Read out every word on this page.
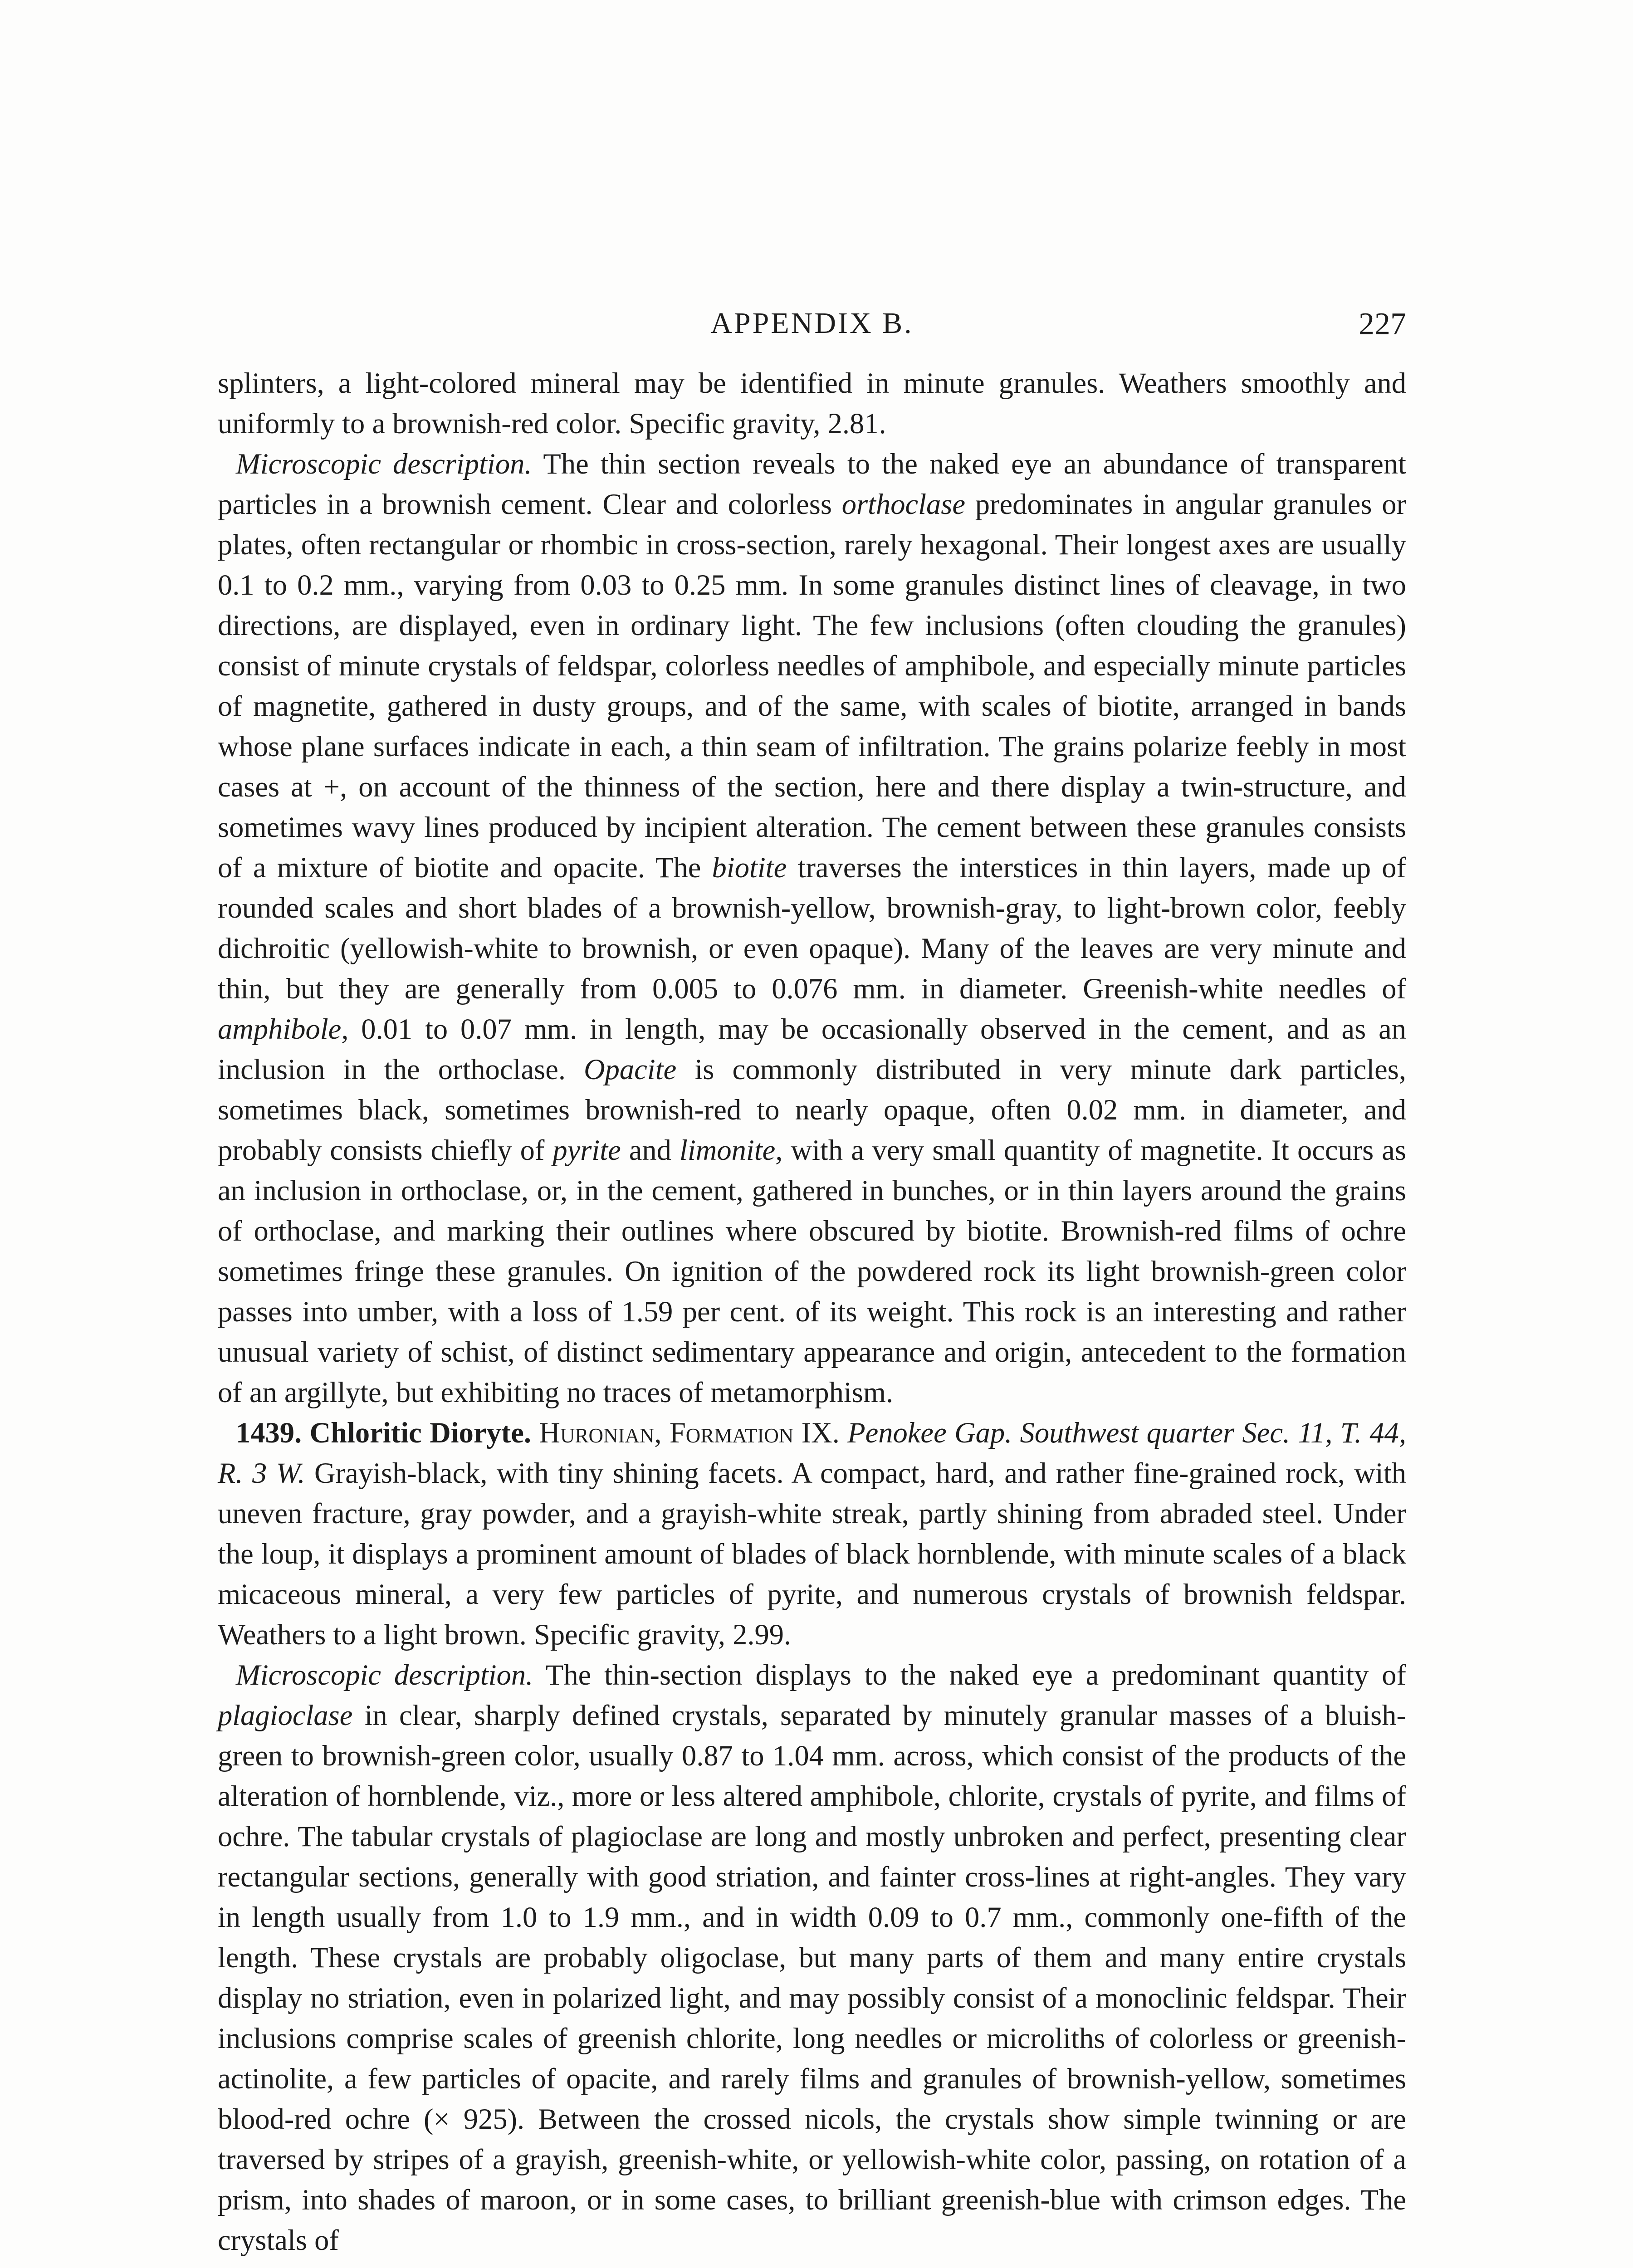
APPENDIX B.	227

splinters, a light-colored mineral may be identified in minute granules. Weathers smoothly and uniformly to a brownish-red color. Specific gravity, 2.81.

Microscopic description. The thin section reveals to the naked eye an abundance of transparent particles in a brownish cement. Clear and colorless orthoclase predominates in angular granules or plates, often rectangular or rhombic in cross-section, rarely hexagonal. Their longest axes are usually 0.1 to 0.2 mm., varying from 0.03 to 0.25 mm. In some granules distinct lines of cleavage, in two directions, are displayed, even in ordinary light. The few inclusions (often clouding the granules) consist of minute crystals of feldspar, colorless needles of amphibole, and especially minute particles of magnetite, gathered in dusty groups, and of the same, with scales of biotite, arranged in bands whose plane surfaces indicate in each, a thin seam of infiltration. The grains polarize feebly in most cases at +, on account of the thinness of the section, here and there display a twin-structure, and sometimes wavy lines produced by incipient alteration. The cement between these granules consists of a mixture of biotite and opacite. The biotite traverses the interstices in thin layers, made up of rounded scales and short blades of a brownish-yellow, brownish-gray, to light-brown color, feebly dichroitic (yellowish-white to brownish, or even opaque). Many of the leaves are very minute and thin, but they are generally from 0.005 to 0.076 mm. in diameter. Greenish-white needles of amphibole, 0.01 to 0.07 mm. in length, may be occasionally observed in the cement, and as an inclusion in the orthoclase. Opacite is commonly distributed in very minute dark particles, sometimes black, sometimes brownish-red to nearly opaque, often 0.02 mm. in diameter, and probably consists chiefly of pyrite and limonite, with a very small quantity of magnetite. It occurs as an inclusion in orthoclase, or, in the cement, gathered in bunches, or in thin layers around the grains of orthoclase, and marking their outlines where obscured by biotite. Brownish-red films of ochre sometimes fringe these granules. On ignition of the powdered rock its light brownish-green color passes into umber, with a loss of 1.59 per cent. of its weight. This rock is an interesting and rather unusual variety of schist, of distinct sedimentary appearance and origin, antecedent to the formation of an argillyte, but exhibiting no traces of metamorphism.

1439. Chloritic Dioryte. Huronian, Formation IX. Penokee Gap. Southwest quarter Sec. 11, T. 44, R. 3 W. Grayish-black, with tiny shining facets. A compact, hard, and rather fine-grained rock, with uneven fracture, gray powder, and a grayish-white streak, partly shining from abraded steel. Under the loup, it displays a prominent amount of blades of black hornblende, with minute scales of a black micaceous mineral, a very few particles of pyrite, and numerous crystals of brownish feldspar. Weathers to a light brown. Specific gravity, 2.99.

Microscopic description. The thin-section displays to the naked eye a predominant quantity of plagioclase in clear, sharply defined crystals, separated by minutely granular masses of a bluish-green to brownish-green color, usually 0.87 to 1.04 mm. across, which consist of the products of the alteration of hornblende, viz., more or less altered amphibole, chlorite, crystals of pyrite, and films of ochre. The tabular crystals of plagioclase are long and mostly unbroken and perfect, presenting clear rectangular sections, generally with good striation, and fainter cross-lines at right-angles. They vary in length usually from 1.0 to 1.9 mm., and in width 0.09 to 0.7 mm., commonly one-fifth of the length. These crystals are probably oligoclase, but many parts of them and many entire crystals display no striation, even in polarized light, and may possibly consist of a monoclinic feldspar. Their inclusions comprise scales of greenish chlorite, long needles or microliths of colorless or greenish-actinolite, a few particles of opacite, and rarely films and granules of brownish-yellow, sometimes blood-red ochre (× 925). Between the crossed nicols, the crystals show simple twinning or are traversed by stripes of a grayish, greenish-white, or yellowish-white color, passing, on rotation of a prism, into shades of maroon, or in some cases, to brilliant greenish-blue with crimson edges. The crystals of
